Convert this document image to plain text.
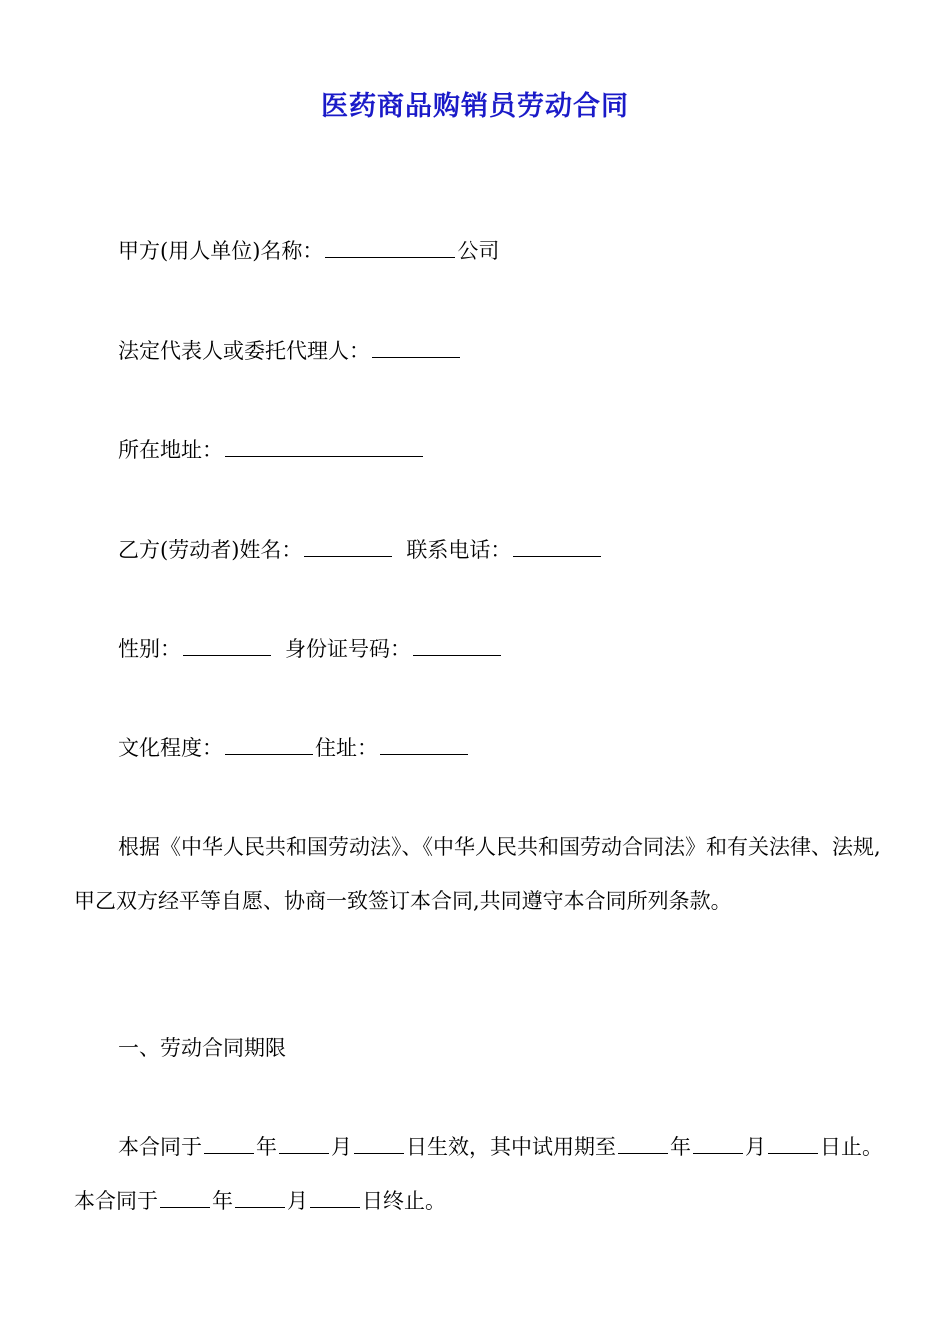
医药商品购销员劳动合同

甲方(用人单位)名称：	公司

法定代表人或委托代理人：

所在地址：

乙方(劳动者)姓名：	联系电话：

性别：	身份证号码：

文化程度：	住址：

根据《中华人民共和国劳动法》、《中华人民共和国劳动合同法》和有关法律、法规,甲乙双方经平等自愿、协商一致签订本合同,共同遵守本合同所列条款。

一、劳动合同期限

本合同于	年	月	日生效，其中试用期至	年	月	日止。本合同于	年	月	日终止。
